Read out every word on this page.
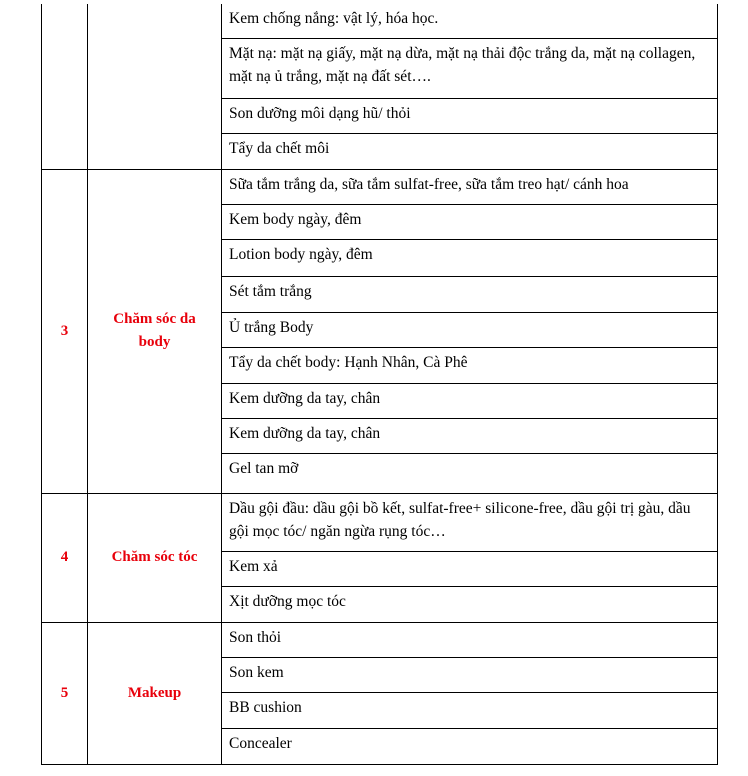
		Kem chống nắng: vật lý, hóa học.
		Mặt nạ: mặt nạ giấy, mặt nạ dừa, mặt nạ thải độc trắng da, mặt nạ collagen, mặt nạ ủ trắng, mặt nạ đất sét….
		Son dưỡng môi dạng hũ/ thỏi
		Tẩy da chết môi
3	Chăm sóc da body	Sữa tắm trắng da, sữa tắm sulfat-free, sữa tắm treo hạt/ cánh hoa
		Kem body ngày, đêm
		Lotion body ngày, đêm
		Sét tắm trắng
		Ủ trắng Body
		Tẩy da chết body: Hạnh Nhân, Cà Phê
		Kem dưỡng da tay, chân
		Kem dưỡng da tay, chân
		Gel tan mỡ
4	Chăm sóc tóc	Dầu gội đầu: dầu gội bồ kết, sulfat-free+ silicone-free, dầu gội trị gàu, dầu gội mọc tóc/ ngăn ngừa rụng tóc…
		Kem xả
		Xịt dưỡng mọc tóc
5	Makeup	Son thỏi
		Son kem
		BB cushion
		Concealer
